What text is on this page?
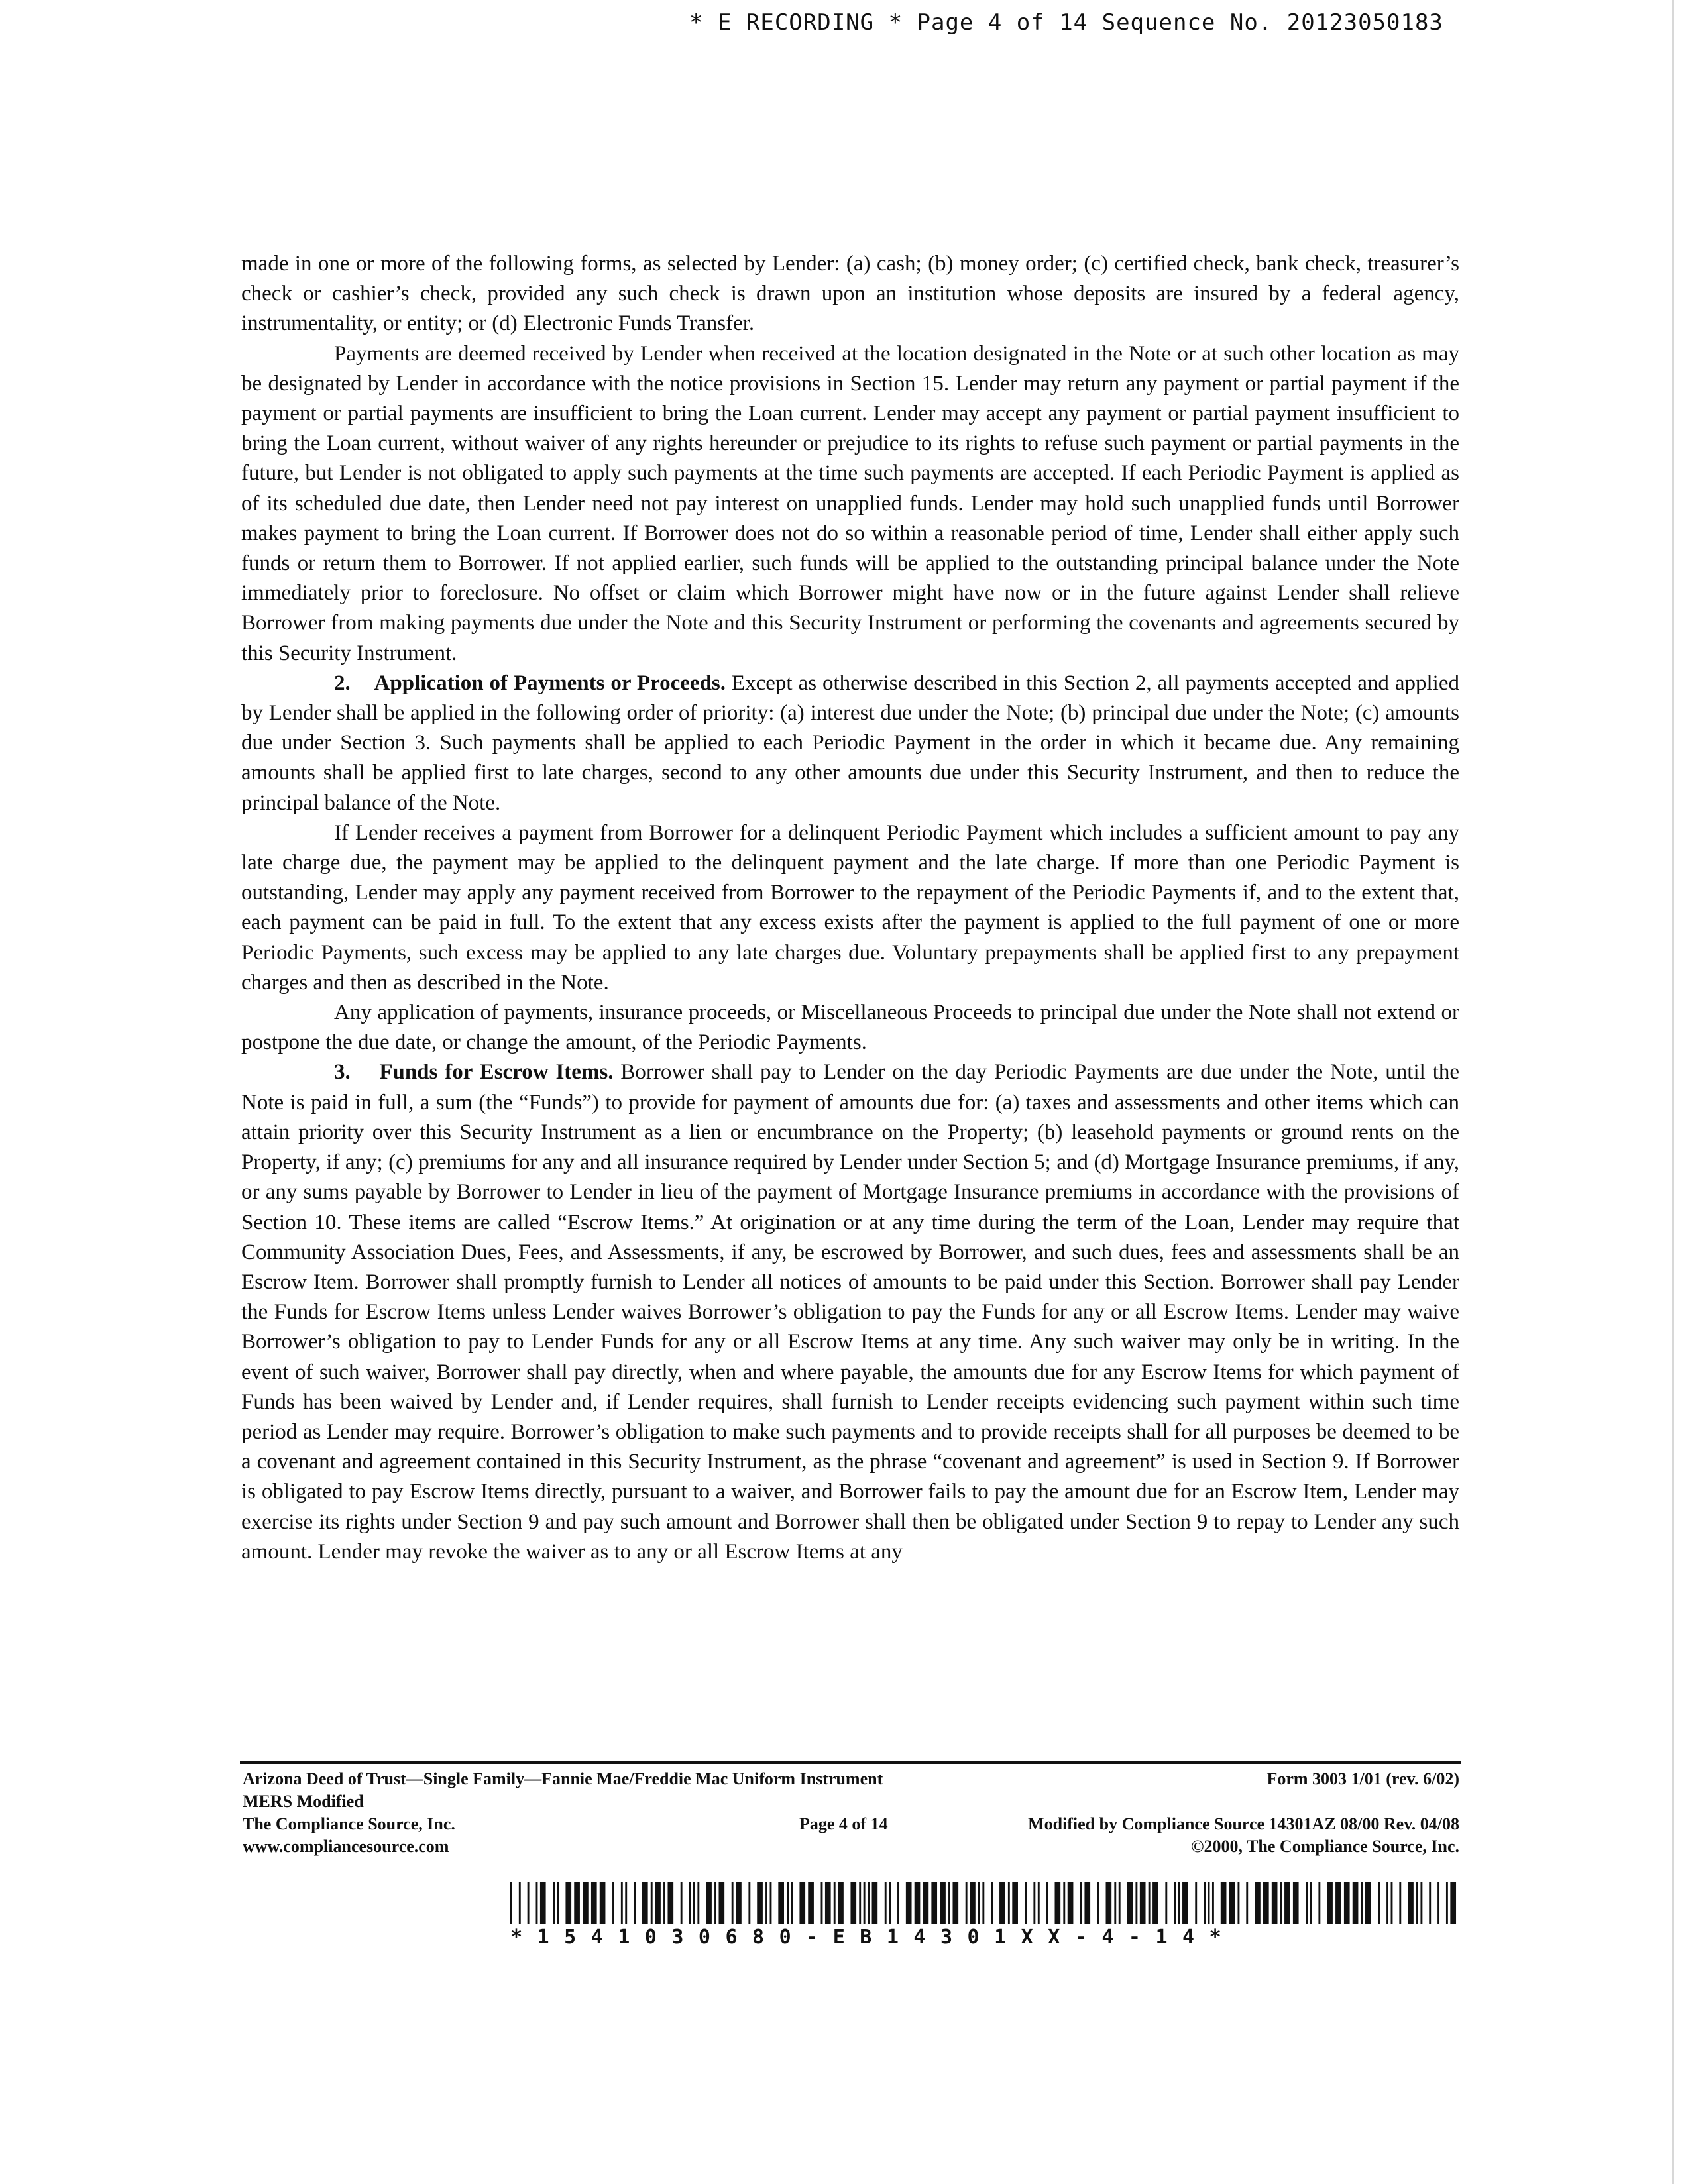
* E RECORDING * Page 4 of 14 Sequence No. 20123050183

made in one or more of the following forms, as selected by Lender: (a) cash; (b) money order; (c) certified check, bank check, treasurer’s check or cashier’s check, provided any such check is drawn upon an institution whose deposits are insured by a federal agency, instrumentality, or entity; or (d) Electronic Funds Transfer.

Payments are deemed received by Lender when received at the location designated in the Note or at such other location as may be designated by Lender in accordance with the notice provisions in Section 15. Lender may return any payment or partial payment if the payment or partial payments are insufficient to bring the Loan current. Lender may accept any payment or partial payment insufficient to bring the Loan current, without waiver of any rights hereunder or prejudice to its rights to refuse such payment or partial payments in the future, but Lender is not obligated to apply such payments at the time such payments are accepted. If each Periodic Payment is applied as of its scheduled due date, then Lender need not pay interest on unapplied funds. Lender may hold such unapplied funds until Borrower makes payment to bring the Loan current. If Borrower does not do so within a reasonable period of time, Lender shall either apply such funds or return them to Borrower. If not applied earlier, such funds will be applied to the outstanding principal balance under the Note immediately prior to foreclosure. No offset or claim which Borrower might have now or in the future against Lender shall relieve Borrower from making payments due under the Note and this Security Instrument or performing the covenants and agreements secured by this Security Instrument.

2. Application of Payments or Proceeds. Except as otherwise described in this Section 2, all payments accepted and applied by Lender shall be applied in the following order of priority: (a) interest due under the Note; (b) principal due under the Note; (c) amounts due under Section 3. Such payments shall be applied to each Periodic Payment in the order in which it became due. Any remaining amounts shall be applied first to late charges, second to any other amounts due under this Security Instrument, and then to reduce the principal balance of the Note.

If Lender receives a payment from Borrower for a delinquent Periodic Payment which includes a sufficient amount to pay any late charge due, the payment may be applied to the delinquent payment and the late charge. If more than one Periodic Payment is outstanding, Lender may apply any payment received from Borrower to the repayment of the Periodic Payments if, and to the extent that, each payment can be paid in full. To the extent that any excess exists after the payment is applied to the full payment of one or more Periodic Payments, such excess may be applied to any late charges due. Voluntary prepayments shall be applied first to any prepayment charges and then as described in the Note.

Any application of payments, insurance proceeds, or Miscellaneous Proceeds to principal due under the Note shall not extend or postpone the due date, or change the amount, of the Periodic Payments.

3. Funds for Escrow Items. Borrower shall pay to Lender on the day Periodic Payments are due under the Note, until the Note is paid in full, a sum (the “Funds”) to provide for payment of amounts due for: (a) taxes and assessments and other items which can attain priority over this Security Instrument as a lien or encumbrance on the Property; (b) leasehold payments or ground rents on the Property, if any; (c) premiums for any and all insurance required by Lender under Section 5; and (d) Mortgage Insurance premiums, if any, or any sums payable by Borrower to Lender in lieu of the payment of Mortgage Insurance premiums in accordance with the provisions of Section 10. These items are called “Escrow Items.” At origination or at any time during the term of the Loan, Lender may require that Community Association Dues, Fees, and Assessments, if any, be escrowed by Borrower, and such dues, fees and assessments shall be an Escrow Item. Borrower shall promptly furnish to Lender all notices of amounts to be paid under this Section. Borrower shall pay Lender the Funds for Escrow Items unless Lender waives Borrower’s obligation to pay the Funds for any or all Escrow Items. Lender may waive Borrower’s obligation to pay to Lender Funds for any or all Escrow Items at any time. Any such waiver may only be in writing. In the event of such waiver, Borrower shall pay directly, when and where payable, the amounts due for any Escrow Items for which payment of Funds has been waived by Lender and, if Lender requires, shall furnish to Lender receipts evidencing such payment within such time period as Lender may require. Borrower’s obligation to make such payments and to provide receipts shall for all purposes be deemed to be a covenant and agreement contained in this Security Instrument, as the phrase “covenant and agreement” is used in Section 9. If Borrower is obligated to pay Escrow Items directly, pursuant to a waiver, and Borrower fails to pay the amount due for an Escrow Item, Lender may exercise its rights under Section 9 and pay such amount and Borrower shall then be obligated under Section 9 to repay to Lender any such amount. Lender may revoke the waiver as to any or all Escrow Items at any

Arizona Deed of Trust—Single Family—Fannie Mae/Freddie Mac Uniform Instrument	Form 3003 1/01 (rev. 6/02)
MERS Modified
The Compliance Source, Inc.	Page 4 of 14	Modified by Compliance Source 14301AZ 08/00 Rev. 04/08
www.compliancesource.com	©2000, The Compliance Source, Inc.
*1541030680-EB14301XX-4-14*
